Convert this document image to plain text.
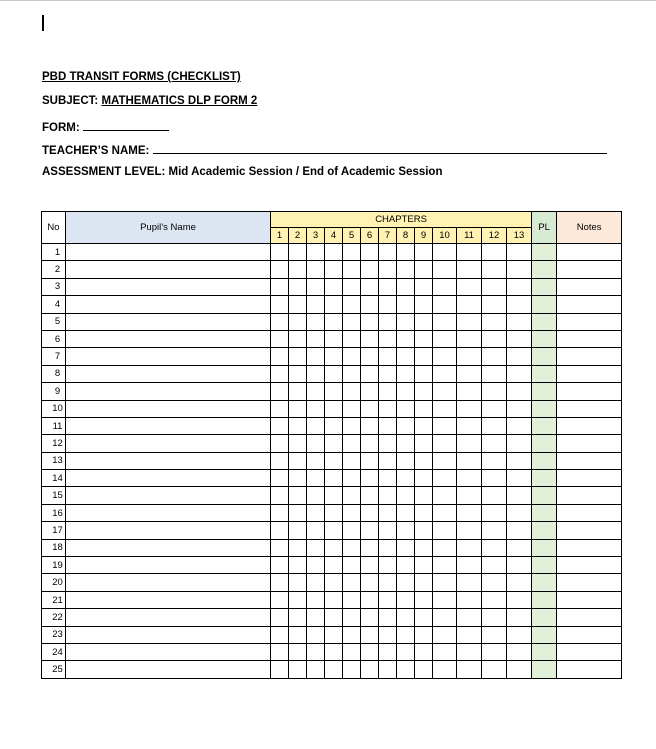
PBD TRANSIT FORMS (CHECKLIST)
SUBJECT: MATHEMATICS DLP FORM 2
FORM:
TEACHER’S NAME:
ASSESSMENT LEVEL: Mid Academic Session / End of Academic Session
No	Pupil’s Name	CHAPTERS													PL	Notes
		1	2	3	4	5	6	7	8	9	10	11	12	13		
1																
2																
3																
4																
5																
6																
7																
8																
9																
10																
11																
12																
13																
14																
15																
16																
17																
18																
19																
20																
21																
22																
23																
24																
25																
